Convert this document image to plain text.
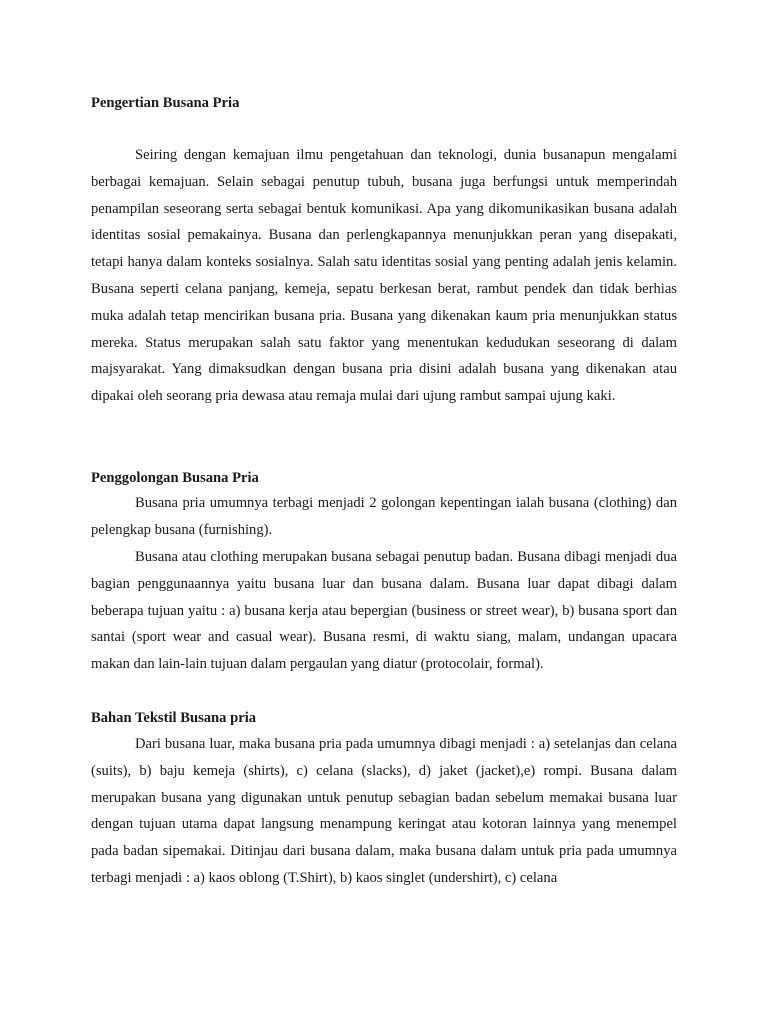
Pengertian Busana Pria

Seiring dengan kemajuan ilmu pengetahuan dan teknologi, dunia busanapun mengalami berbagai kemajuan. Selain sebagai penutup tubuh, busana juga berfungsi untuk memperindah penampilan seseorang serta sebagai bentuk komunikasi. Apa yang dikomunikasikan busana adalah identitas sosial pemakainya. Busana dan perlengkapannya menunjukkan peran yang disepakati, tetapi hanya dalam konteks sosialnya. Salah satu identitas sosial yang penting adalah jenis kelamin. Busana seperti celana panjang, kemeja, sepatu berkesan berat, rambut pendek dan tidak berhias muka adalah tetap mencirikan busana pria. Busana yang dikenakan kaum pria menunjukkan status mereka. Status merupakan salah satu faktor yang menentukan kedudukan seseorang di dalam majsyarakat. Yang dimaksudkan dengan busana pria disini adalah busana yang dikenakan atau dipakai oleh seorang pria dewasa atau remaja mulai dari ujung rambut sampai ujung kaki.

Penggolongan Busana Pria

Busana pria umumnya terbagi menjadi 2 golongan kepentingan ialah busana (clothing) dan pelengkap busana (furnishing).

Busana atau clothing merupakan busana sebagai penutup badan. Busana dibagi menjadi dua bagian penggunaannya yaitu busana luar dan busana dalam. Busana luar dapat dibagi dalam beberapa tujuan yaitu : a) busana kerja atau bepergian (business or street wear), b) busana sport dan santai (sport wear and casual wear). Busana resmi, di waktu siang, malam, undangan upacara makan dan lain-lain tujuan dalam pergaulan yang diatur (protocolair, formal).

Bahan Tekstil Busana pria

Dari busana luar, maka busana pria pada umumnya dibagi menjadi : a) setelanjas dan celana (suits), b) baju kemeja (shirts), c) celana (slacks), d) jaket (jacket),e) rompi. Busana dalam merupakan busana yang digunakan untuk penutup sebagian badan sebelum memakai busana luar dengan tujuan utama dapat langsung menampung keringat atau kotoran lainnya yang menempel pada badan sipemakai. Ditinjau dari busana dalam, maka busana dalam untuk pria pada umumnya terbagi menjadi : a) kaos oblong (T.Shirt), b) kaos singlet (undershirt), c) celana
